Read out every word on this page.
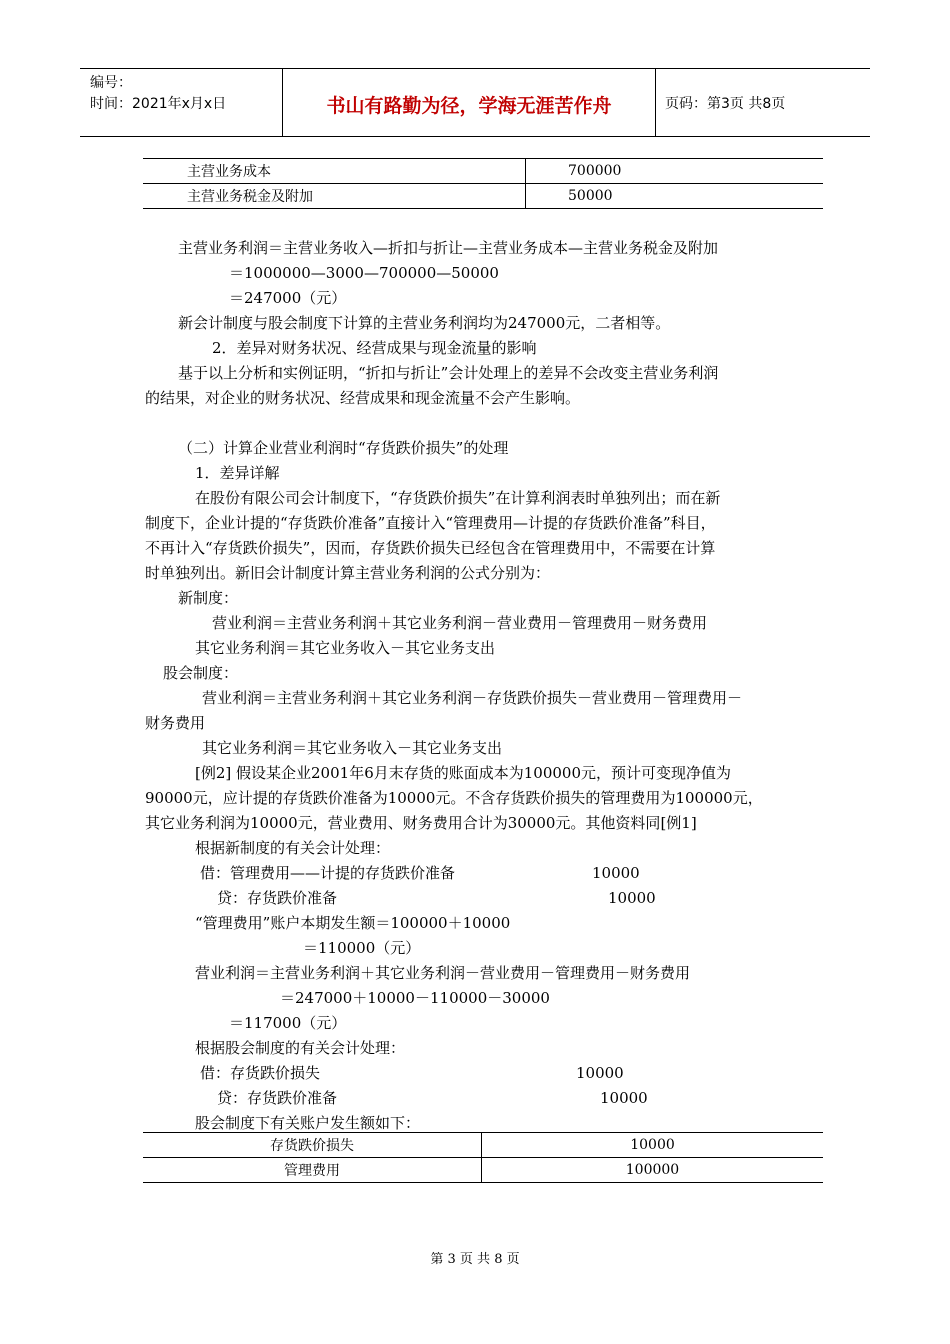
编号：
时间：2021年x月x日	书山有路勤为径，学海无涯苦作舟	页码：第3页 共8页
主营业务成本	700000
主营业务税金及附加	50000
主营业务利润＝主营业务收入—折扣与折让—主营业务成本—主营业务税金及附加
＝1000000—3000—700000—50000
＝247000（元）
新会计制度与股会制度下计算的主营业务利润均为247000元，二者相等。
2．差异对财务状况、经营成果与现金流量的影响
基于以上分析和实例证明，“折扣与折让”会计处理上的差异不会改变主营业务利润
的结果，对企业的财务状况、经营成果和现金流量不会产生影响。
（二）计算企业营业利润时“存货跌价损失”的处理
1．差异详解
在股份有限公司会计制度下，“存货跌价损失”在计算利润表时单独列出；而在新
制度下，企业计提的“存货跌价准备”直接计入“管理费用—计提的存货跌价准备”科目，
不再计入“存货跌价损失”，因而，存货跌价损失已经包含在管理费用中，不需要在计算
时单独列出。新旧会计制度计算主营业务利润的公式分别为：
新制度：
营业利润＝主营业务利润＋其它业务利润－营业费用－管理费用－财务费用
其它业务利润＝其它业务收入－其它业务支出
股会制度：
营业利润＝主营业务利润＋其它业务利润－存货跌价损失－营业费用－管理费用－
财务费用
其它业务利润＝其它业务收入－其它业务支出
[例2] 假设某企业2001年6月末存货的账面成本为100000元，预计可变现净值为
90000元，应计提的存货跌价准备为10000元。不含存货跌价损失的管理费用为100000元，
其它业务利润为10000元，营业费用、财务费用合计为30000元。其他资料同[例1]
根据新制度的有关会计处理：
借：管理费用——计提的存货跌价准备	10000
贷：存货跌价准备	10000
“管理费用”账户本期发生额＝100000＋10000
＝110000（元）
营业利润＝主营业务利润＋其它业务利润－营业费用－管理费用－财务费用
＝247000＋10000－110000－30000
＝117000（元）
根据股会制度的有关会计处理：
借：存货跌价损失	10000
贷：存货跌价准备	10000
股会制度下有关账户发生额如下：
存货跌价损失	10000
管理费用	100000
第 3 页 共 8 页
